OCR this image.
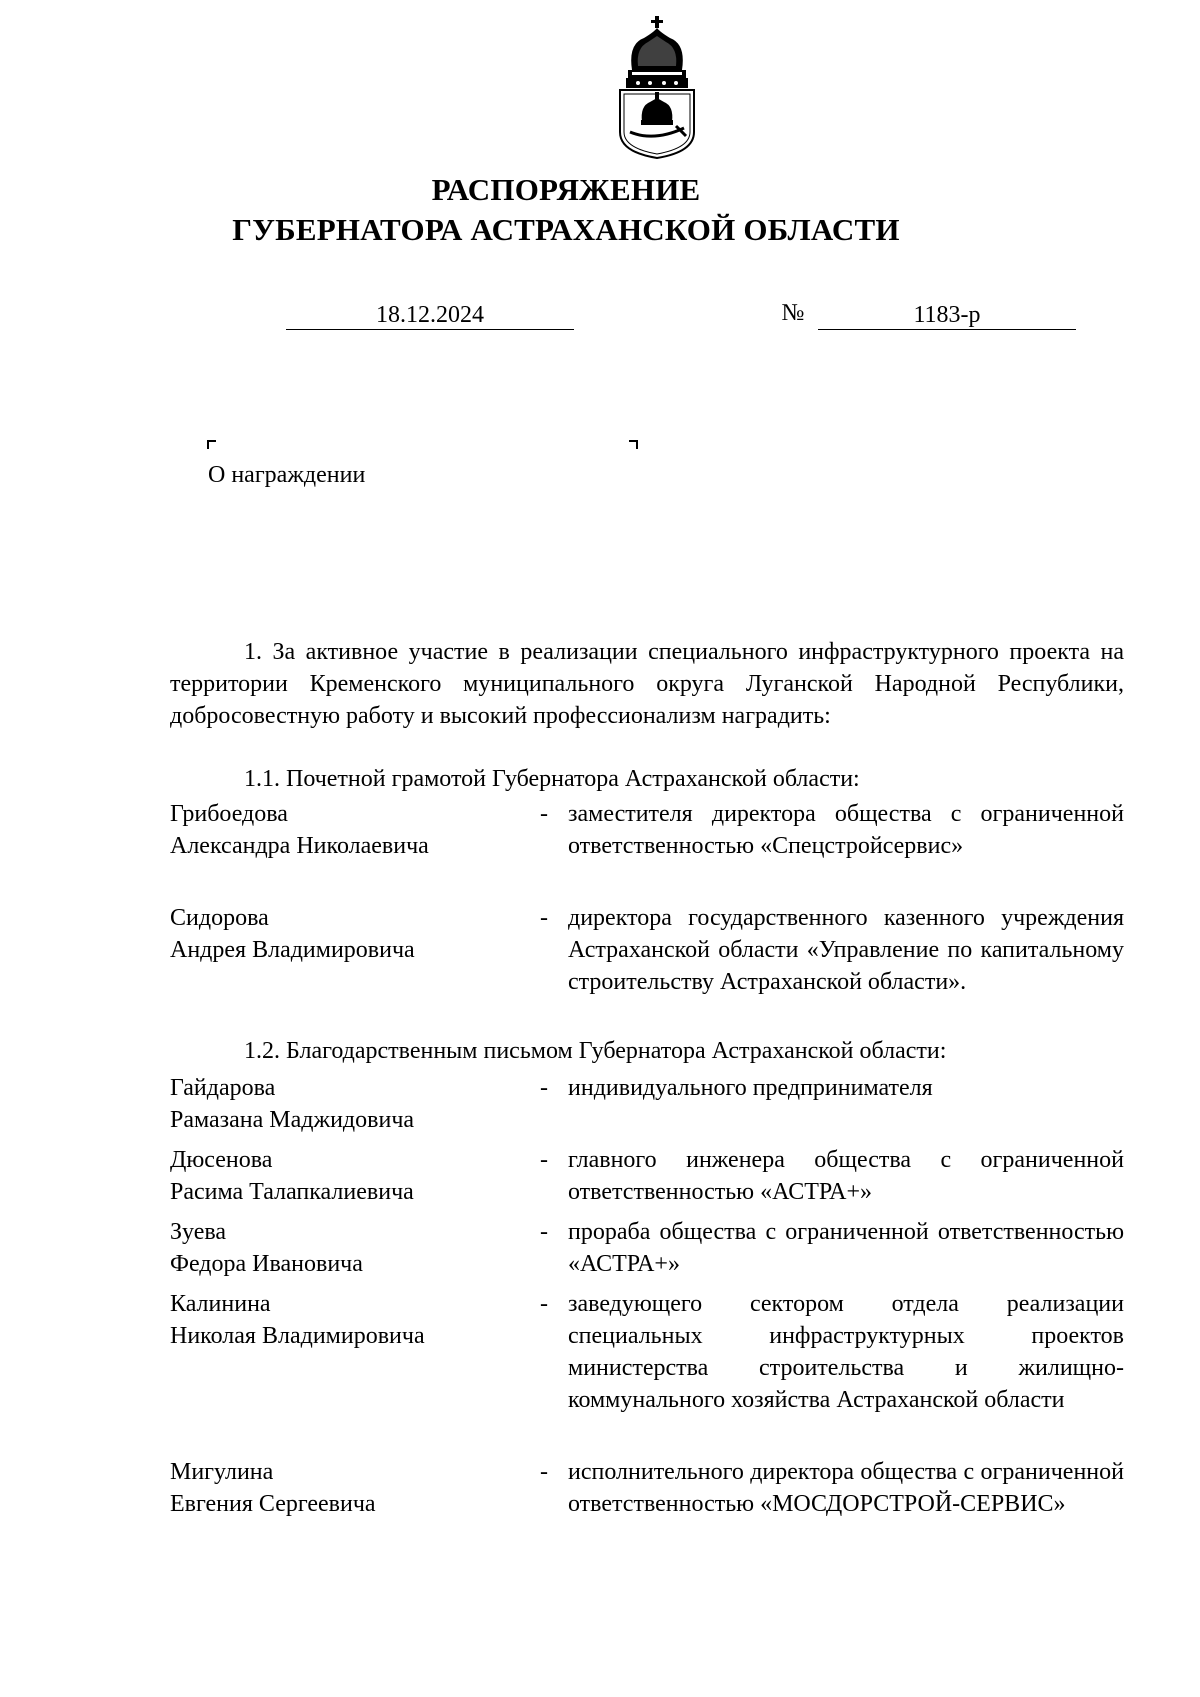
РАСПОРЯЖЕНИЕ
ГУБЕРНАТОРА АСТРАХАНСКОЙ ОБЛАСТИ
18.12.2024	№	1183-р
О награждении
1. За активное участие в реализации специального инфраструктурного проекта на территории Кременского муниципального округа Луганской Народной Республики, добросовестную работу и высокий профессионализм наградить:
1.1. Почетной грамотой Губернатора Астраханской области:
Грибоедова
Александра Николаевича
- заместителя директора общества с ограниченной ответственностью «Спецстройсервис»
Сидорова
Андрея Владимировича
- директора государственного казенного учреждения Астраханской области «Управление по капитальному строительству Астраханской области».
1.2. Благодарственным письмом Губернатора Астраханской области:
Гайдарова
Рамазана Маджидовича
- индивидуального предпринимателя
Дюсенова
Расима Талапкалиевича
- главного инженера общества с ограниченной ответственностью «АСТРА+»
Зуева
Федора Ивановича
- прораба общества с ограниченной ответственностью «АСТРА+»
Калинина
Николая Владимировича
- заведующего сектором отдела реализации специальных инфраструктурных проектов министерства строительства и жилищно-коммунального хозяйства Астраханской области
Мигулина
Евгения Сергеевича
- исполнительного директора общества с ограниченной ответственностью «МОСДОРСТРОЙ-СЕРВИС»
